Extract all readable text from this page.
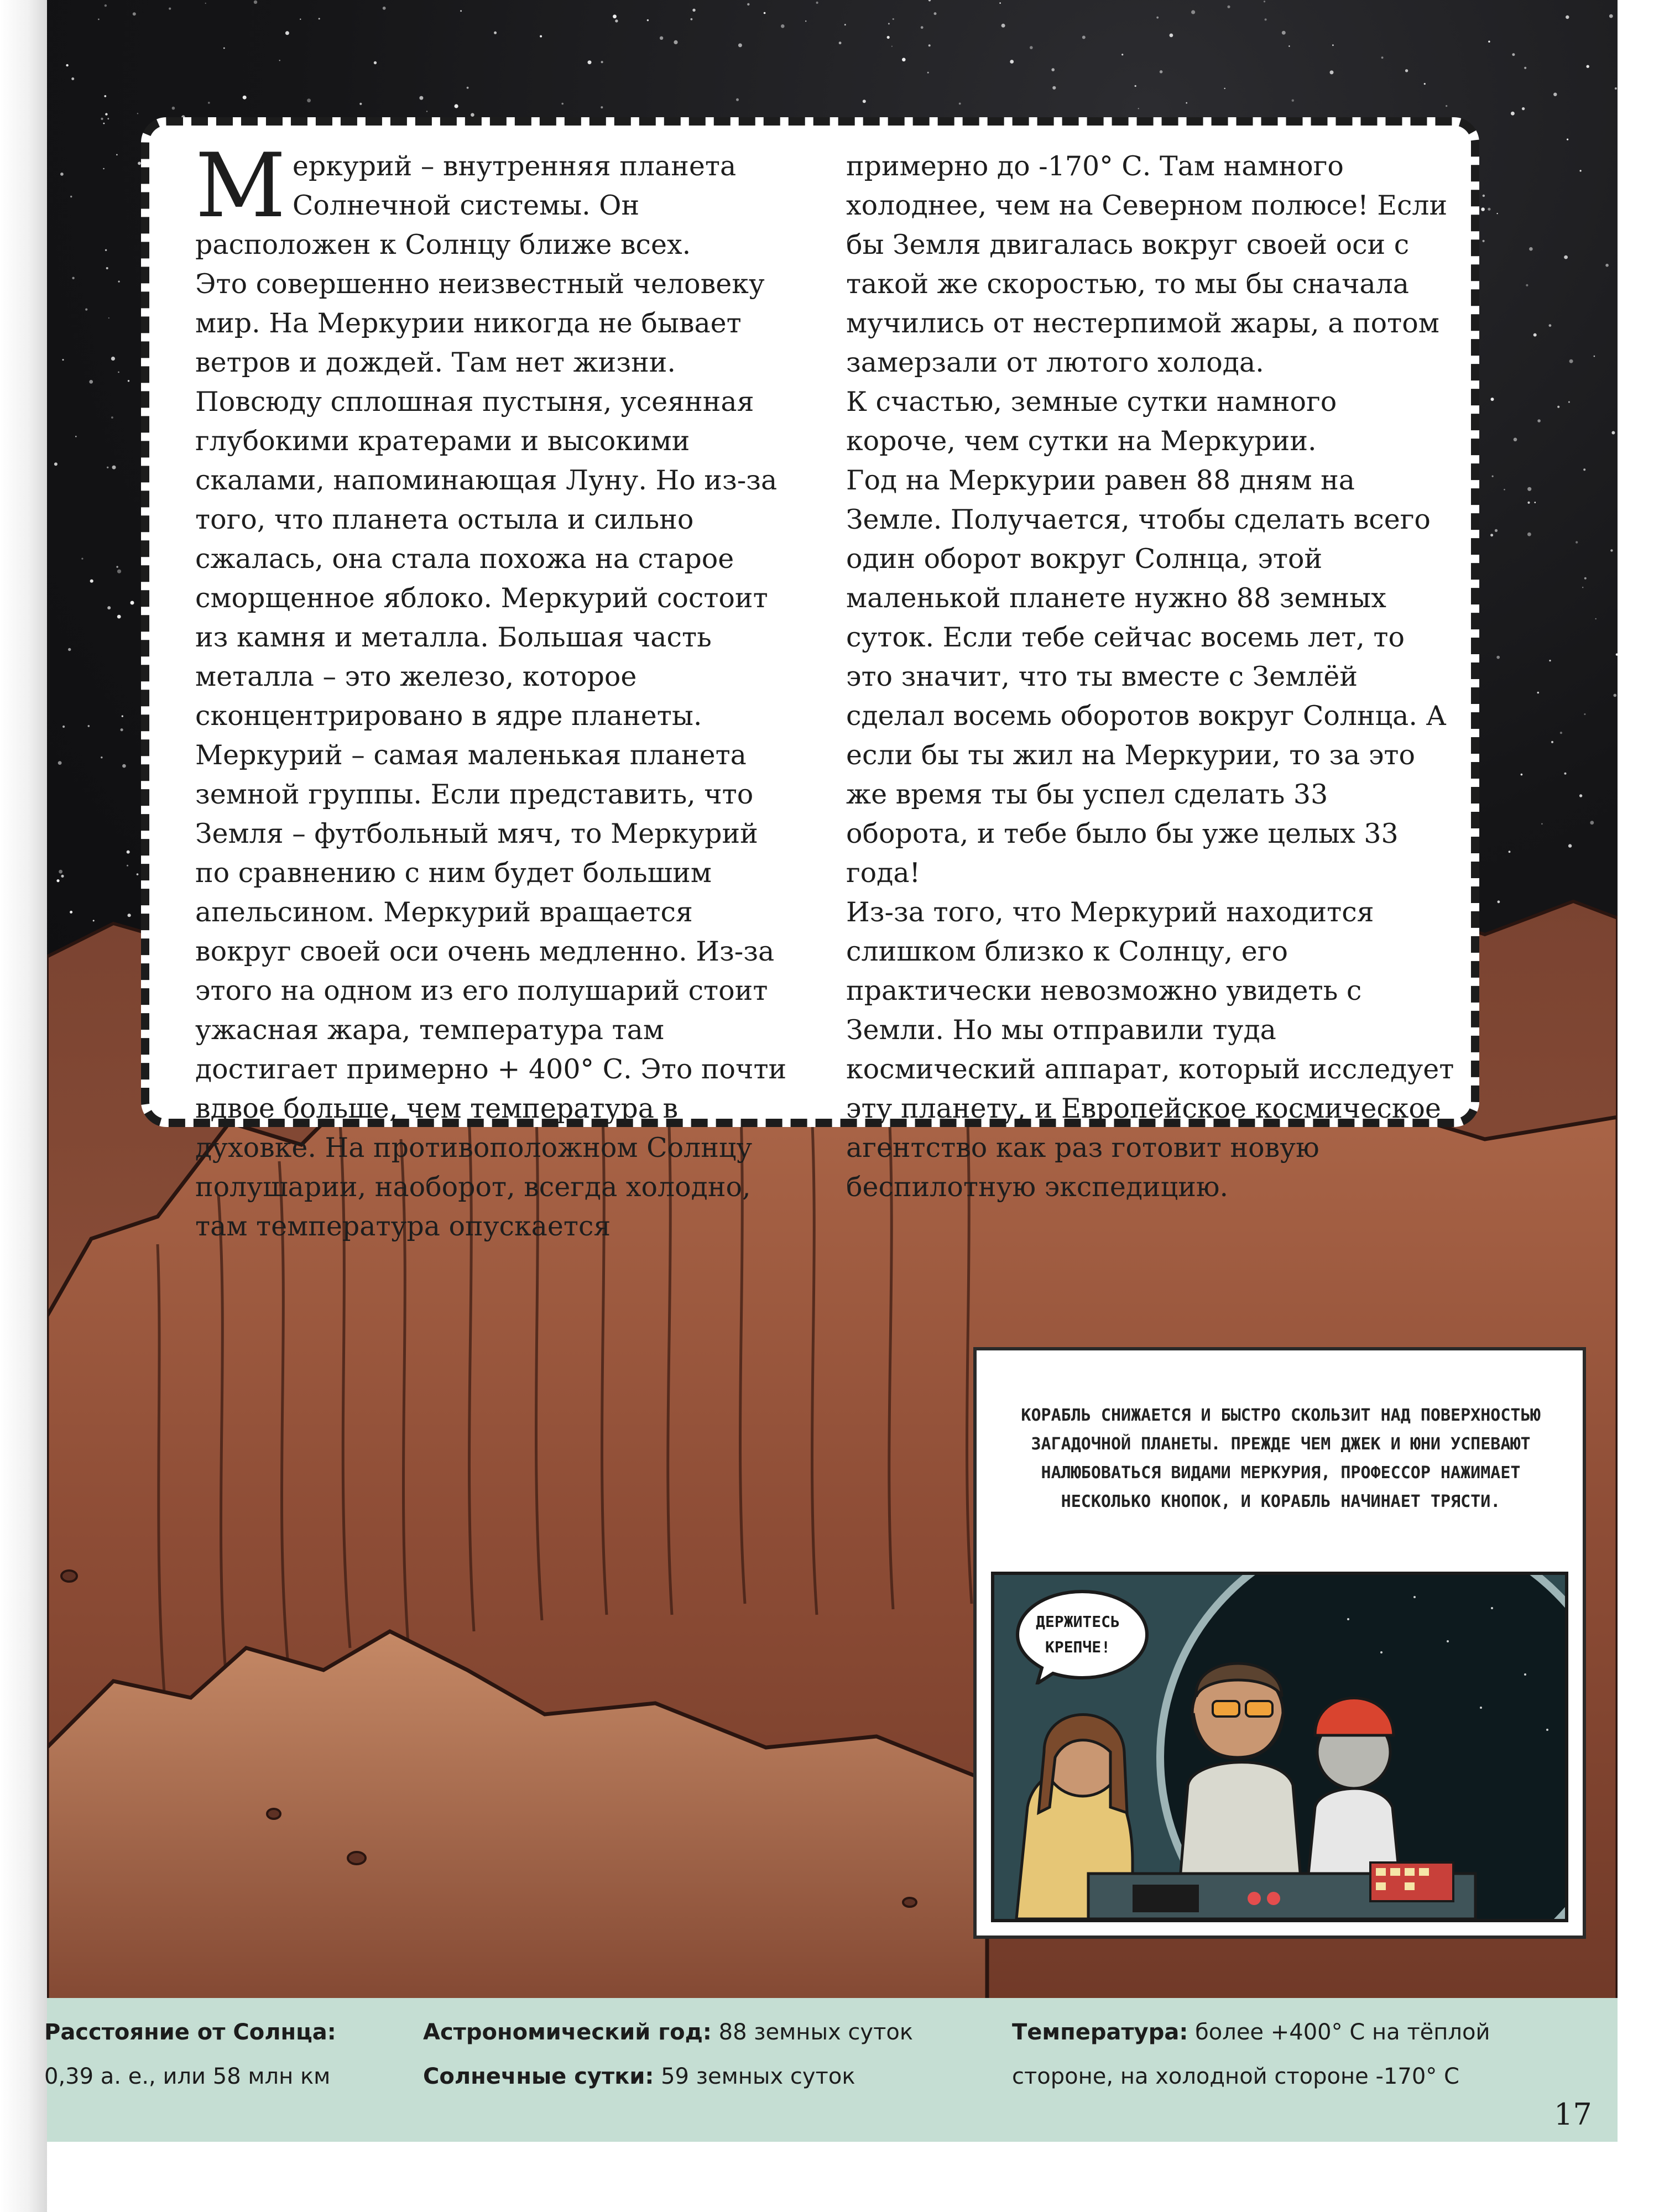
Меркурий – внутренняя планета Солнечной системы. Он расположен к Солнцу ближе всех.

Это совершенно неизвестный человеку мир. На Меркурии никогда не бывает ветров и дождей. Там нет жизни. Повсюду сплошная пустыня, усеянная глубокими кратерами и высокими скалами, напоминающая Луну. Но из-за того, что планета остыла и сильно сжалась, она стала похожа на старое сморщенное яблоко. Меркурий состоит из камня и металла. Большая часть металла – это железо, которое сконцентрировано в ядре планеты. Меркурий – самая маленькая планета земной группы. Если представить, что Земля – футбольный мяч, то Меркурий по сравнению с ним будет большим апельсином. Меркурий вращается вокруг своей оси очень медленно. Из-за этого на одном из его полушарий стоит ужасная жара, температура там достигает примерно + 400° С. Это почти вдвое больше, чем температура в духовке. На противоположном Солнцу полушарии, наоборот, всегда холодно, там температура опускается

примерно до -170° С. Там намного холоднее, чем на Северном полюсе! Если бы Земля двигалась вокруг своей оси с такой же скоростью, то мы бы сначала мучились от нестерпимой жары, а потом замерзали от лютого холода.

К счастью, земные сутки намного короче, чем сутки на Меркурии.

Год на Меркурии равен 88 дням на Земле. Получается, чтобы сделать всего один оборот вокруг Солнца, этой маленькой планете нужно 88 земных суток. Если тебе сейчас восемь лет, то это значит, что ты вместе с Землёй сделал восемь оборотов вокруг Солнца. А если бы ты жил на Меркурии, то за это же время ты бы успел сделать 33 оборота, и тебе было бы уже целых 33 года!

Из-за того, что Меркурий находится слишком близко к Солнцу, его практически невозможно увидеть с Земли. Но мы отправили туда космический аппарат, который исследует эту планету, и Европейское космическое агентство как раз готовит новую беспилотную экспедицию.

КОРАБЛЬ СНИЖАЕТСЯ И БЫСТРО СКОЛЬЗИТ НАД ПОВЕРХНОСТЬЮ ЗАГАДОЧНОЙ ПЛАНЕТЫ. ПРЕЖДЕ ЧЕМ ДЖЕК И ЮНИ УСПЕВАЮТ НАЛЮБОВАТЬСЯ ВИДАМИ МЕРКУРИЯ, ПРОФЕССОР НАЖИМАЕТ НЕСКОЛЬКО КНОПОК, И КОРАБЛЬ НАЧИНАЕТ ТРЯСТИ.
ДЕРЖИТЕСЬ
КРЕПЧЕ!
Расстояние от Солнца:
0,39 а. е., или 58 млн км
Астрономический год: 88 земных суток
Солнечные сутки: 59 земных суток
Температура: более +400° С на тёплой
стороне, на холодной стороне -170° С
17
